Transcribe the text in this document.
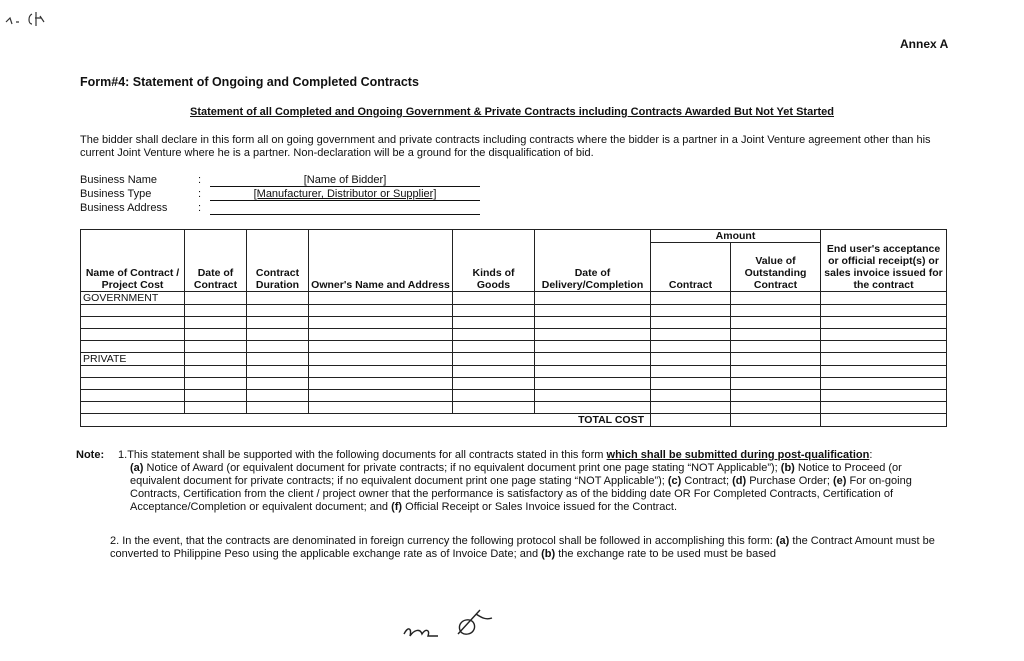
Annex A
Form#4: Statement of Ongoing and Completed Contracts
Statement of all Completed and Ongoing Government & Private Contracts including Contracts Awarded But Not Yet Started
The bidder shall declare in this form all on going government and private contracts including contracts where the bidder is a partner in a Joint Venture agreement other than his current Joint Venture where he is a partner. Non-declaration will be a ground for the disqualification of bid.
Business Name	:	[Name of Bidder]
Business Type	:	[Manufacturer, Distributor or Supplier]
Business Address	:
Name of Contract / Project Cost	Date of Contract	Contract Duration	Owner's Name and Address	Kinds of Goods	Date of Delivery/Completion	Amount		End user's acceptance or official receipt(s) or sales invoice issued for the contract
						Contract	Value of Outstanding Contract	
GOVERNMENT								

PRIVATE								

TOTAL COST								
Note: 1.This statement shall be supported with the following documents for all contracts stated in this form which shall be submitted during post-qualification:
(a) Notice of Award (or equivalent document for private contracts; if no equivalent document print one page stating “NOT Applicable”); (b) Notice to Proceed (or equivalent document for private contracts; if no equivalent document print one page stating “NOT Applicable”); (c) Contract; (d) Purchase Order; (e) For on-going Contracts, Certification from the client / project owner that the performance is satisfactory as of the bidding date OR For Completed Contracts, Certification of Acceptance/Completion or equivalent document; and (f) Official Receipt or Sales Invoice issued for the Contract.
2. In the event, that the contracts are denominated in foreign currency the following protocol shall be followed in accomplishing this form: (a) the Contract Amount must be converted to Philippine Peso using the applicable exchange rate as of Invoice Date; and (b) the exchange rate to be used must be based
